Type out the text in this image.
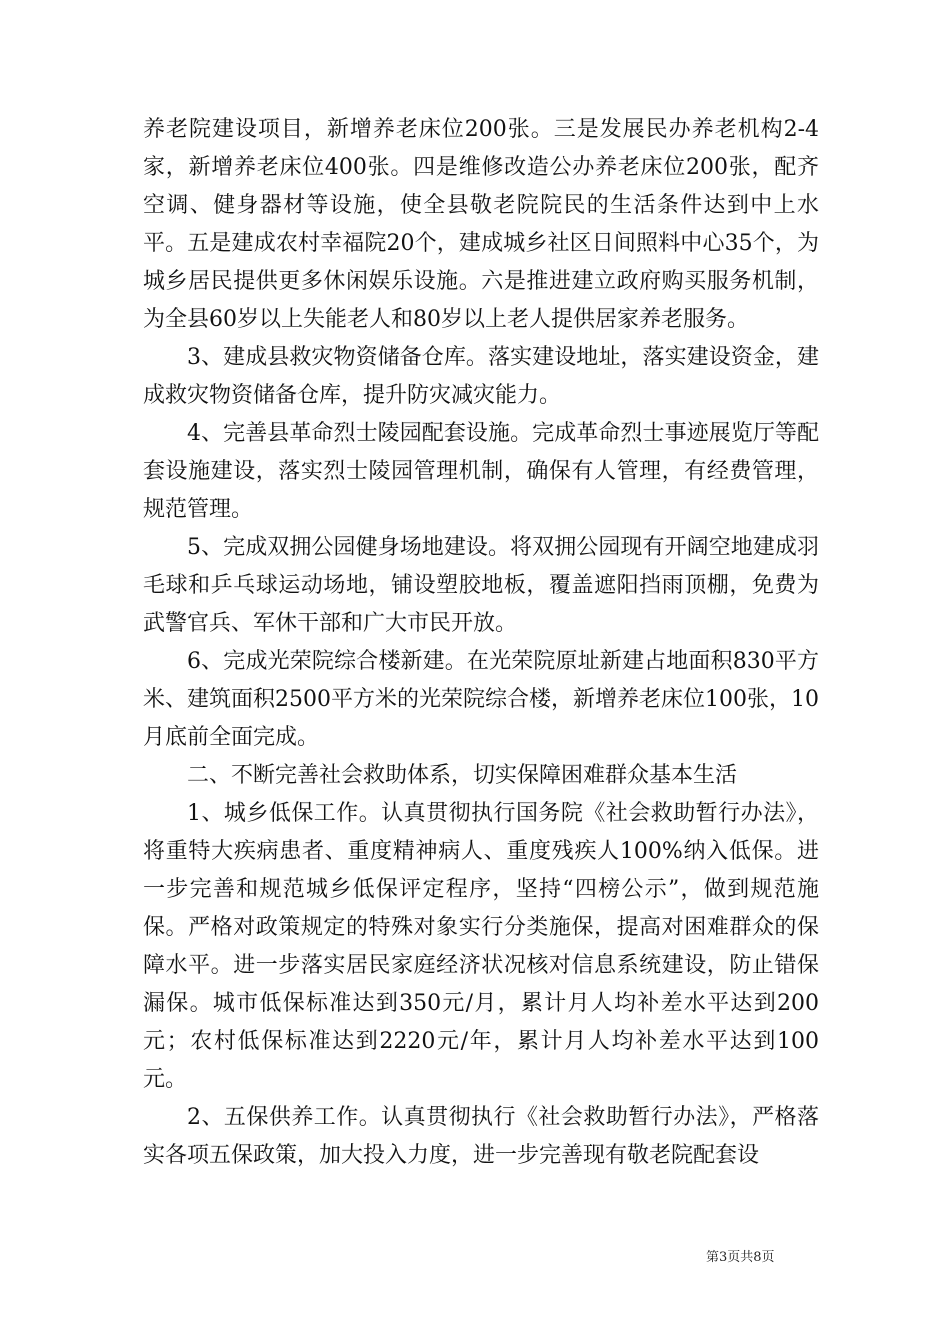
养老院建设项目，新增养老床位200张。三是发展民办养老机构2-4家，新增养老床位400张。四是维修改造公办养老床位200张，配齐空调、健身器材等设施，使全县敬老院院民的生活条件达到中上水平。五是建成农村幸福院20个，建成城乡社区日间照料中心35个，为城乡居民提供更多休闲娱乐设施。六是推进建立政府购买服务机制，为全县60岁以上失能老人和80岁以上老人提供居家养老服务。

3、建成县救灾物资储备仓库。落实建设地址，落实建设资金，建成救灾物资储备仓库，提升防灾减灾能力。

4、完善县革命烈士陵园配套设施。完成革命烈士事迹展览厅等配套设施建设，落实烈士陵园管理机制，确保有人管理，有经费管理，规范管理。

5、完成双拥公园健身场地建设。将双拥公园现有开阔空地建成羽毛球和乒乓球运动场地，铺设塑胶地板，覆盖遮阳挡雨顶棚，免费为武警官兵、军休干部和广大市民开放。

6、完成光荣院综合楼新建。在光荣院原址新建占地面积830平方米、建筑面积2500平方米的光荣院综合楼，新增养老床位100张，10月底前全面完成。

二、不断完善社会救助体系，切实保障困难群众基本生活

1、城乡低保工作。认真贯彻执行国务院《社会救助暂行办法》，将重特大疾病患者、重度精神病人、重度残疾人100%纳入低保。进一步完善和规范城乡低保评定程序，坚持“四榜公示”，做到规范施保。严格对政策规定的特殊对象实行分类施保，提高对困难群众的保障水平。进一步落实居民家庭经济状况核对信息系统建设，防止错保漏保。城市低保标准达到350元/月，累计月人均补差水平达到200元；农村低保标准达到2220元/年，累计月人均补差水平达到100元。

2、五保供养工作。认真贯彻执行《社会救助暂行办法》，严格落实各项五保政策，加大投入力度，进一步完善现有敬老院配套设

第3页共8页
